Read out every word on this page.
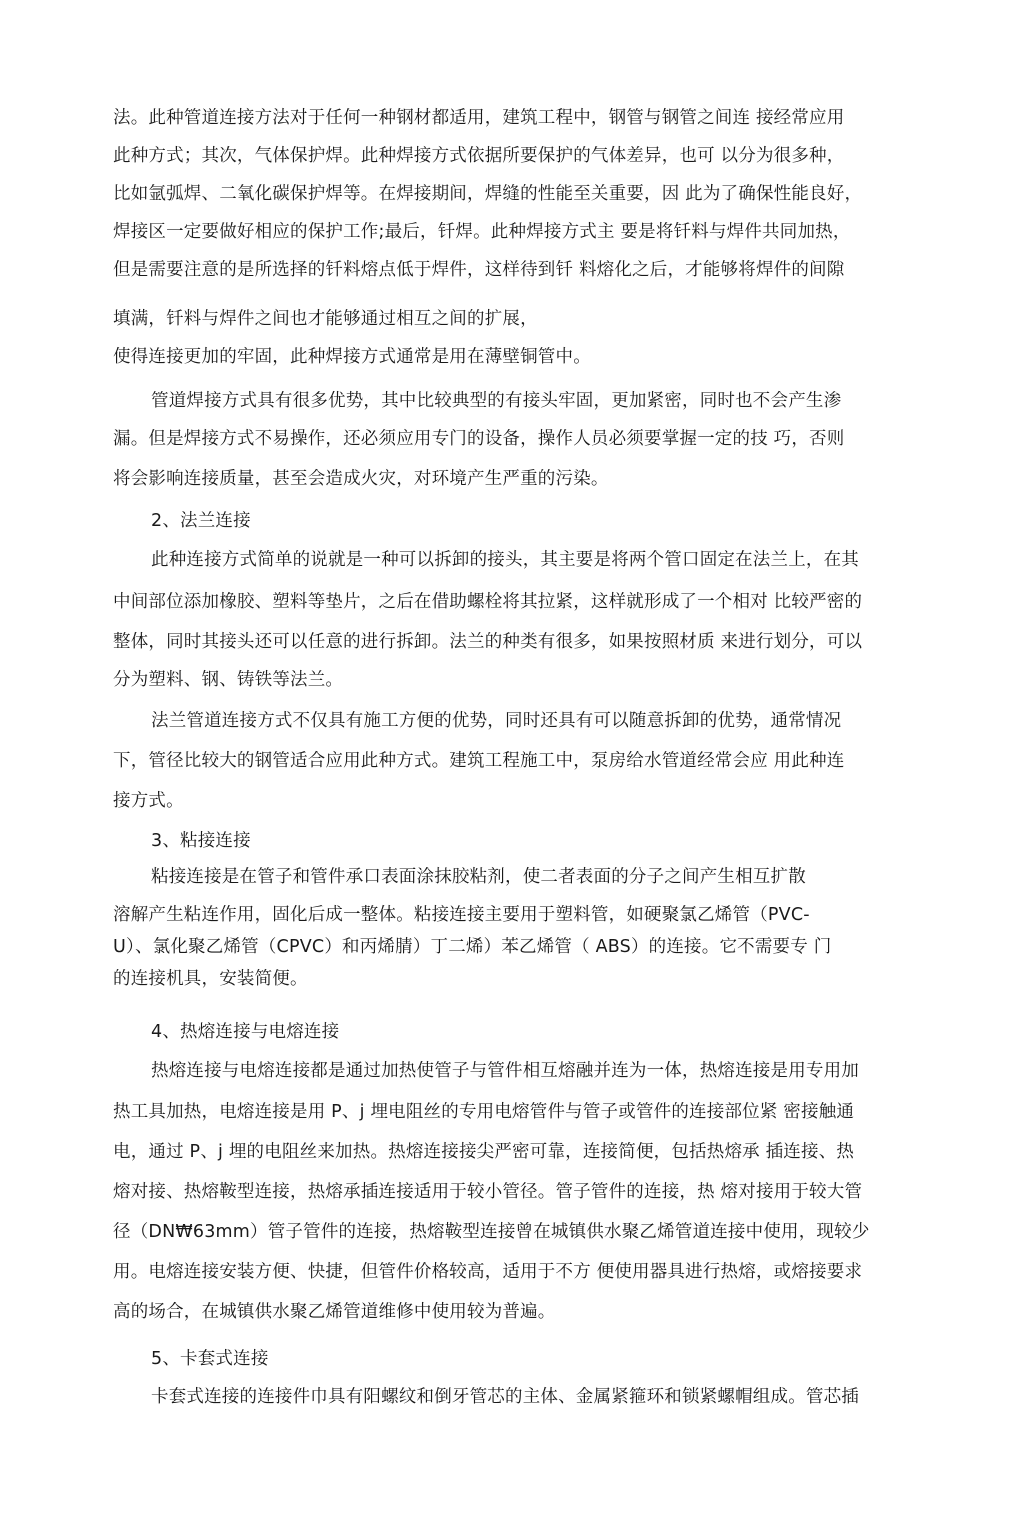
法。此种管道连接方法对于任何一种钢材都适用，建筑工程中，钢管与钢管之间连 接经常应用
此种方式；其次，气体保护焊。此种焊接方式依据所要保护的气体差异，也可 以分为很多种，
比如氩弧焊、二氧化碳保护焊等。在焊接期间，焊缝的性能至关重要，因 此为了确保性能良好，
焊接区一定要做好相应的保护工作;最后，钎焊。此种焊接方式主 要是将钎料与焊件共同加热，
但是需要注意的是所选择的钎料熔点低于焊件，这样待到钎 料熔化之后，才能够将焊件的间隙
填满，钎料与焊件之间也才能够通过相互之间的扩展，
使得连接更加的牢固，此种焊接方式通常是用在薄壁铜管中。
管道焊接方式具有很多优势，其中比较典型的有接头牢固，更加紧密，同时也不会产生渗
漏。但是焊接方式不易操作，还必须应用专门的设备，操作人员必须要掌握一定的技 巧，否则
将会影响连接质量，甚至会造成火灾，对环境产生严重的污染。
2、法兰连接
此种连接方式简单的说就是一种可以拆卸的接头，其主要是将两个管口固定在法兰上，在其
中间部位添加橡胶、塑料等垫片，之后在借助螺栓将其拉紧，这样就形成了一个相对 比较严密的
整体，同时其接头还可以任意的进行拆卸。法兰的种类有很多，如果按照材质 来进行划分，可以
分为塑料、钢、铸铁等法兰。
法兰管道连接方式不仅具有施工方便的优势，同时还具有可以随意拆卸的优势，通常情况
下，管径比较大的钢管适合应用此种方式。建筑工程施工中，泵房给水管道经常会应 用此种连
接方式。
3、粘接连接
粘接连接是在管子和管件承口表面涂抹胶粘剂，使二者表面的分子之间产生相互扩散
溶解产生粘连作用，固化后成一整体。粘接连接主要用于塑料管，如硬聚氯乙烯管（PVC-
U）、氯化聚乙烯管（CPVC）和丙烯腈）丁二烯）苯乙烯管（ ABS）的连接。它不需要专 门
的连接机具，安装简便。
4、热熔连接与电熔连接
热熔连接与电熔连接都是通过加热使管子与管件相互熔融并连为一体，热熔连接是用专用加
热工具加热，电熔连接是用 P、j 埋电阻丝的专用电熔管件与管子或管件的连接部位紧 密接触通
电，通过 P、j 埋的电阻丝来加热。热熔连接接尖严密可靠，连接简便，包括热熔承 插连接、热
熔对接、热熔鞍型连接，热熔承插连接适用于较小管径。管子管件的连接，热 熔对接用于较大管
径（DN₩63mm）管子管件的连接，热熔鞍型连接曾在城镇供水聚乙烯管道连接中使用，现较少
用。电熔连接安装方便、快捷，但管件价格较高，适用于不方 便使用器具进行热熔，或熔接要求
高的场合，在城镇供水聚乙烯管道维修中使用较为普遍。
5、卡套式连接
卡套式连接的连接件巾具有阳螺纹和倒牙管芯的主体、金属紧箍环和锁紧螺帽组成。管芯插
